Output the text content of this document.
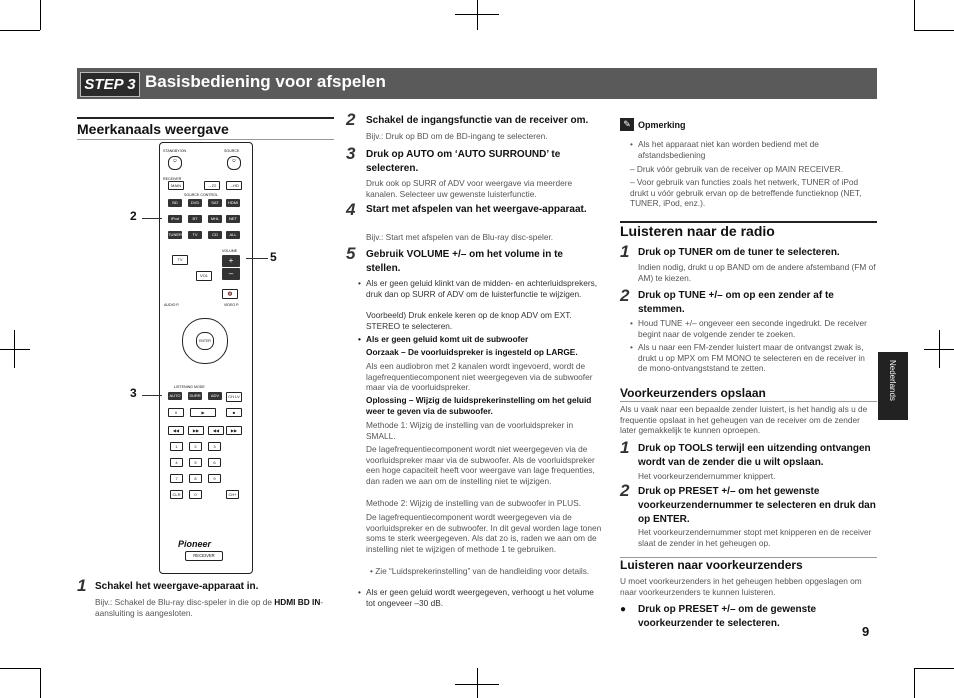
STEP 3 Basisbediening voor afspelen
Meerkanaals weergave
STANDBY/ON	SOURCE
⏻	⏻
RECEIVER
MAIN	→Z2	→HD
SOURCE CONTROL
BD	DVD	SAT	HDMI
iPod	BT	MHL	NET
TUNER	TV	CD	ALL
+
–
VOLUME
TV
VOL
🔇
ENTER
AUDIO P.	VIDEO P.
LISTENING MODE
AUTO	SURR	ADV	CH LV
II	▶	■
◀◀	▶▶	◀◀	▶▶
1	2	3
4	5	6
7	8	9
0
CLR	CH+
Pioneer
RECEIVER
2
5
3
1 Schakel het weergave-apparaat in.
Bijv.: Schakel de Blu-ray disc-speler in die op de HDMI BD IN-aansluiting is aangesloten.
2 Schakel de ingangsfunctie van de receiver om.
Bijv.: Druk op BD om de BD-ingang te selecteren.
3 Druk op AUTO om ‘AUTO SURROUND’ te selecteren.
Druk ook op SURR of ADV voor weergave via meerdere kanalen. Selecteer uw gewenste luisterfunctie.
4 Start met afspelen van het weergave-apparaat.
Bijv.: Start met afspelen van de Blu-ray disc-speler.
5 Gebruik VOLUME +/– om het volume in te stellen.
• Als er geen geluid klinkt van de midden- en achterluidsprekers, druk dan op SURR of ADV om de luisterfunctie te wijzigen.
Voorbeeld) Druk enkele keren op de knop ADV om EXT. STEREO te selecteren.
• Als er geen geluid komt uit de subwoofer
Oorzaak – De voorluidspreker is ingesteld op LARGE.
Als een audiobron met 2 kanalen wordt ingevoerd, wordt de lagefrequentiecomponent niet weergegeven via de subwoofer maar via de voorluidspreker.
Oplossing – Wijzig de luidsprekerinstelling om het geluid weer te geven via de subwoofer.
Methode 1: Wijzig de instelling van de voorluidspreker in SMALL.
De lagefrequentiecomponent wordt niet weergegeven via de voorluidspreker maar via de subwoofer. Als de voorluidspreker een hoge capaciteit heeft voor weergave van lage frequenties, dan raden we aan om de instelling niet te wijzigen.
Methode 2: Wijzig de instelling van de subwoofer in PLUS.
De lagefrequentiecomponent wordt weergegeven via de voorluidspreker en de subwoofer. In dit geval worden lage tonen soms te sterk weergegeven. Als dat zo is, raden we aan om de instelling niet te wijzigen of methode 1 te gebruiken.
• Zie “Luidsprekerinstelling” van de handleiding voor details.
• Als er geen geluid wordt weergegeven, verhoogt u het volume tot ongeveer –30 dB.
✎ Opmerking
• Als het apparaat niet kan worden bediend met de afstandsbediening
– Druk vóór gebruik van de receiver op MAIN RECEIVER.
– Voor gebruik van functies zoals het netwerk, TUNER of iPod drukt u vóór gebruik ervan op de betreffende functieknop (NET, TUNER, iPod, enz.).
Luisteren naar de radio
1 Druk op TUNER om de tuner te selecteren.
Indien nodig, drukt u op BAND om de andere afstemband (FM of AM) te kiezen.
2 Druk op TUNE +/– om op een zender af te stemmen.
• Houd TUNE +/– ongeveer een seconde ingedrukt. De receiver begint naar de volgende zender te zoeken.
• Als u naar een FM-zender luistert maar de ontvangst zwak is, drukt u op MPX om FM MONO te selecteren en de receiver in de mono-ontvangststand te zetten.
Voorkeurzenders opslaan
Als u vaak naar een bepaalde zender luistert, is het handig als u de frequentie opslaat in het geheugen van de receiver om de zender later gemakkelijk te kunnen oproepen.
1 Druk op TOOLS terwijl een uitzending ontvangen wordt van de zender die u wilt opslaan.
Het voorkeurzendernummer knippert.
2 Druk op PRESET +/– om het gewenste voorkeurzendernummer te selecteren en druk dan op ENTER.
Het voorkeurzendernummer stopt met knipperen en de receiver slaat de zender in het geheugen op.
Luisteren naar voorkeurzenders
U moet voorkeurzenders in het geheugen hebben opgeslagen om naar voorkeurzenders te kunnen luisteren.
● Druk op PRESET +/– om de gewenste voorkeurzender te selecteren.
Nederlands
9
